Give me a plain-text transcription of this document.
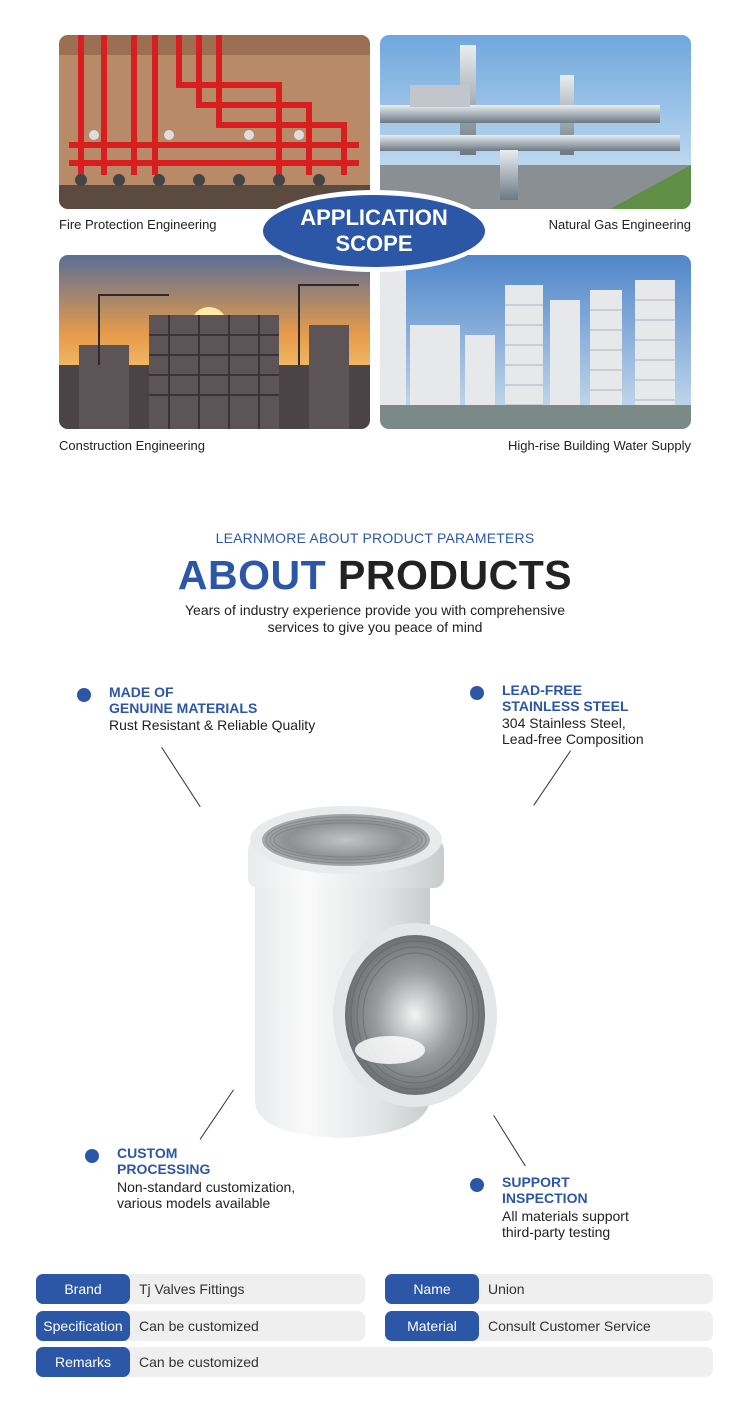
Fire Protection Engineering	Natural Gas Engineering
Construction Engineering	High-rise Building Water Supply
APPLICATION
SCOPE
LEARNMORE ABOUT PRODUCT PARAMETERS
ABOUT PRODUCTS
Years of industry experience provide you with comprehensive
services to give you peace of mind
MADE OF
GENUINE MATERIALS
Rust Resistant & Reliable Quality
LEAD-FREE
STAINLESS STEEL
304 Stainless Steel,
Lead-free Composition
CUSTOM
PROCESSING
Non-standard customization,
various models available
SUPPORT
INSPECTION
All materials support
third-party testing
Brand	Tj Valves Fittings	Name	Union
Specification	Can be customized	Material	Consult Customer Service
Remarks	Can be customized
